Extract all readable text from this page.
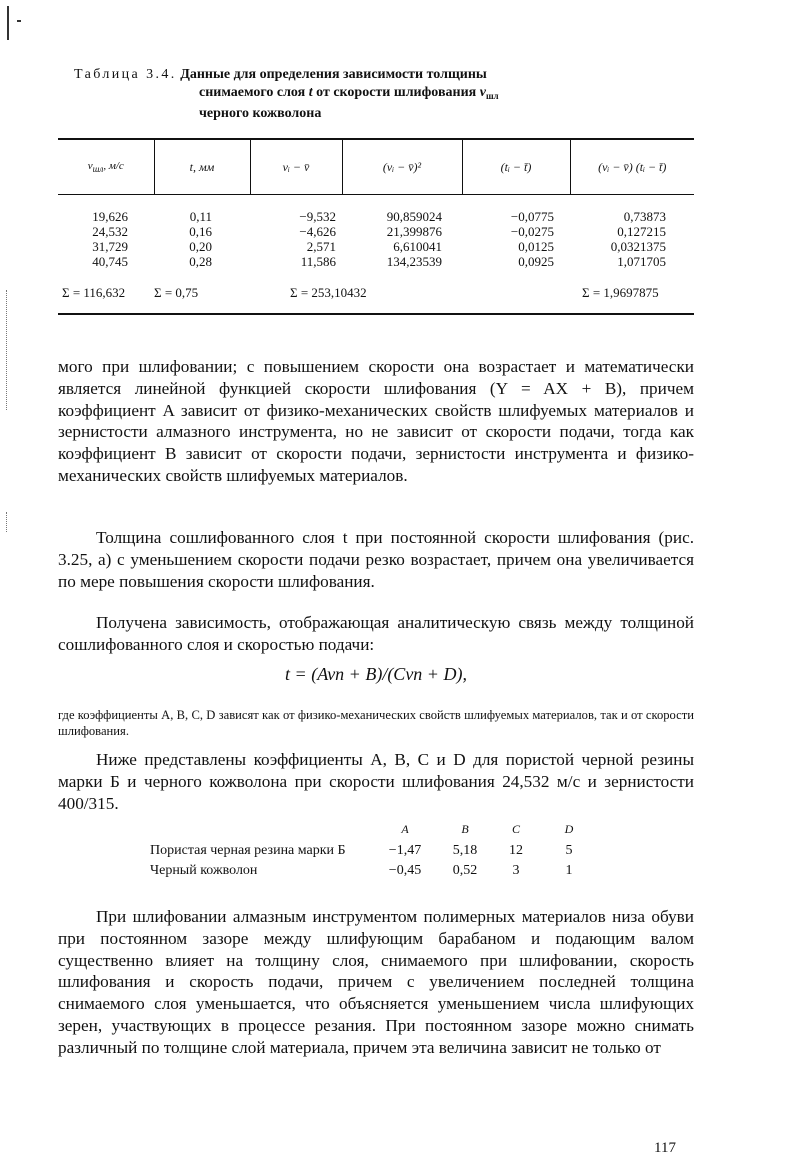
Таблица 3.4. Данные для определения зависимости толщины
снимаемого слоя t от скорости шлифования $v_{шл}$
черного кожволона
$v_{шл}$, м/с	t, мм	vᵢ − v̄	(vᵢ − v̄)²	(tᵢ − t̄)	(vᵢ − v̄) (tᵢ − t̄)
19,626	0,11	−9,532	90,859024	−0,0775	0,73873
24,532	0,16	−4,626	21,399876	−0,0275	0,127215
31,729	0,20	2,571	6,610041	0,0125	0,0321375
40,745	0,28	11,586	134,23539	0,0925	1,071705
Σ = 116,632	Σ = 0,75	Σ = 253,10432			Σ = 1,9697875

мого при шлифовании; с повышением скорости она возрастает и математически является линейной функцией скорости шлифования (Y = AX + B), причем коэффициент A зависит от физико-механических свойств шлифуемых материалов и зернистости алмазного инструмента, но не зависит от скорости подачи, тогда как коэффициент B зависит от скорости подачи, зернистости инструмента и физико-механических свойств шлифуемых материалов.

Толщина сошлифованного слоя t при постоянной скорости шлифования (рис. 3.25, a) с уменьшением скорости подачи резко возрастает, причем она увеличивается по мере повышения скорости шлифования.

Получена зависимость, отображающая аналитическую связь между толщиной сошлифованного слоя и скоростью подачи:

t = (Avп + B)/(Cvп + D),

где коэффициенты A, B, C, D зависят как от физико-механических свойств шлифуемых материалов, так и от скорости шлифования.

Ниже представлены коэффициенты A, B, C и D для пористой черной резины марки Б и черного кожволона при скорости шлифования 24,532 м/с и зернистости 400/315.

	A	B	C	D
Пористая черная резина марки Б	−1,47	5,18	12	5
Черный кожволон	−0,45	0,52	3	1

При шлифовании алмазным инструментом полимерных материалов низа обуви при постоянном зазоре между шлифующим барабаном и подающим валом существенно влияет на толщину слоя, снимаемого при шлифовании, скорость шлифования и скорость подачи, причем с увеличением последней толщина снимаемого слоя уменьшается, что объясняется уменьшением числа шлифующих зерен, участвующих в процессе резания. При постоянном зазоре можно снимать различный по толщине слой материала, причем эта величина зависит не только от

117
